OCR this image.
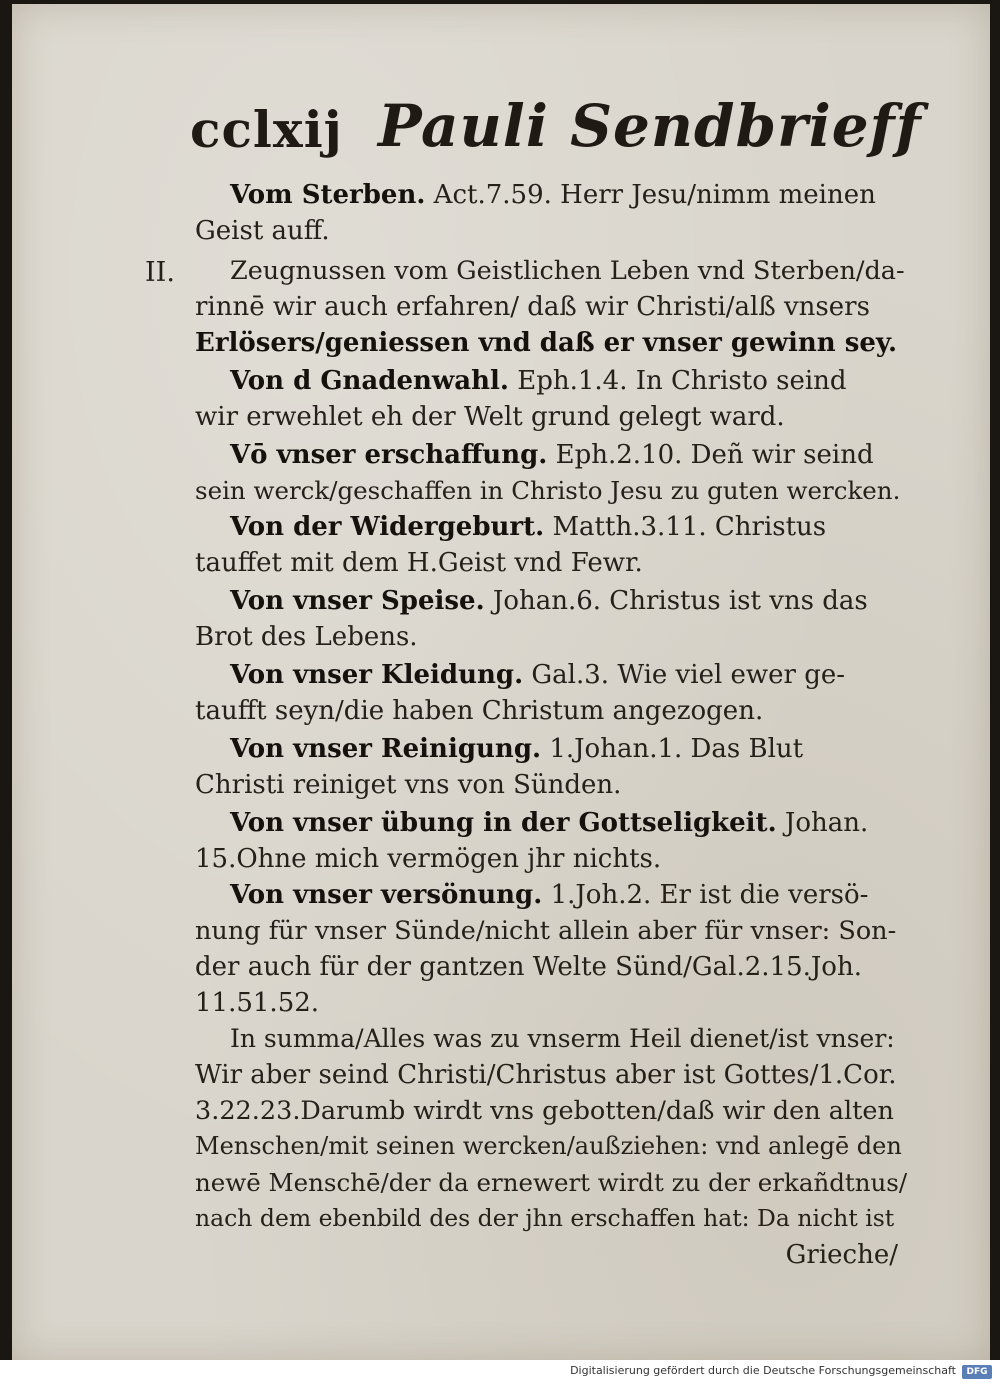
cclxij Pauli Sendbrieff
II.
Vom Sterben. Act.7.59. Herr Jesu/nimm meinen
Geist auff.
Zeugnussen vom Geistlichen Leben vnd Sterben/da-
rinnē wir auch erfahren/ daß wir Christi/alß vnsers
Erlösers/geniessen vnd daß er vnser gewinn sey.
Von d Gnadenwahl. Eph.1.4. In Christo seind
wir erwehlet eh der Welt grund gelegt ward.
Vō vnser erschaffung. Eph.2.10. Deñ wir seind
sein werck/geschaffen in Christo Jesu zu guten wercken.
Von der Widergeburt. Matth.3.11. Christus
tauffet mit dem H.Geist vnd Fewr.
Von vnser Speise. Johan.6. Christus ist vns das
Brot des Lebens.
Von vnser Kleidung. Gal.3. Wie viel ewer ge-
taufft seyn/die haben Christum angezogen.
Von vnser Reinigung. 1.Johan.1. Das Blut
Christi reiniget vns von Sünden.
Von vnser übung in der Gottseligkeit. Johan.
15.Ohne mich vermögen jhr nichts.
Von vnser versönung. 1.Joh.2. Er ist die versö-
nung für vnser Sünde/nicht allein aber für vnser: Son-
der auch für der gantzen Welte Sünd/Gal.2.15.Joh.
11.51.52.
In summa/Alles was zu vnserm Heil dienet/ist vnser:
Wir aber seind Christi/Christus aber ist Gottes/1.Cor.
3.22.23.Darumb wirdt vns gebotten/daß wir den alten
Menschen/mit seinen wercken/außziehen: vnd anlegē den
newē Menschē/der da ernewert wirdt zu der erkañdtnus/
nach dem ebenbild des der jhn erschaffen hat: Da nicht ist
Grieche/
Digitalisierung gefördert durch die Deutsche Forschungsgemeinschaft	DFG
